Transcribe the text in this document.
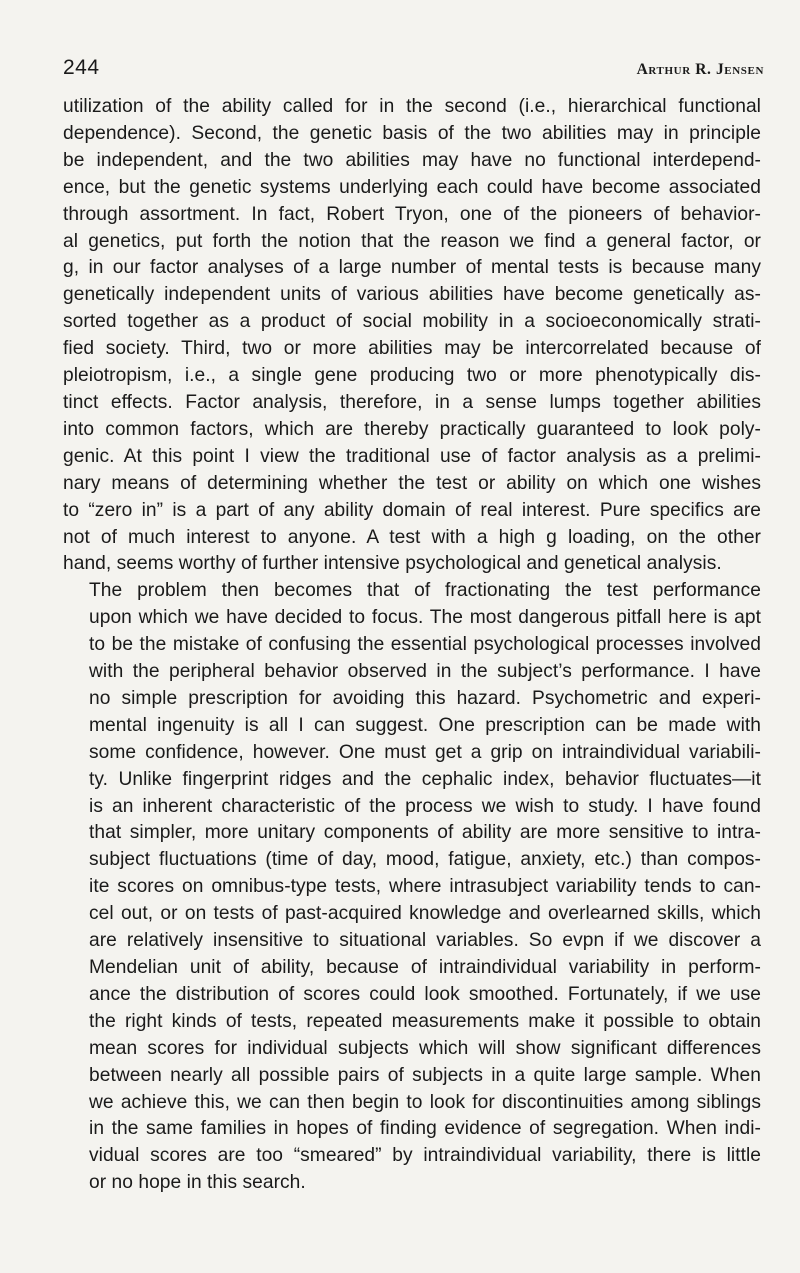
244	Arthur R. Jensen

utilization of the ability called for in the second (i.e., hierarchical functional
dependence). Second, the genetic basis of the two abilities may in principle
be independent, and the two abilities may have no functional interdepend-
ence, but the genetic systems underlying each could have become associated
through assortment. In fact, Robert Tryon, one of the pioneers of behavior-
al genetics, put forth the notion that the reason we find a general factor, or
g, in our factor analyses of a large number of mental tests is because many
genetically independent units of various abilities have become genetically as-
sorted together as a product of social mobility in a socioeconomically strati-
fied society. Third, two or more abilities may be intercorrelated because of
pleiotropism, i.e., a single gene producing two or more phenotypically dis-
tinct effects. Factor analysis, therefore, in a sense lumps together abilities
into common factors, which are thereby practically guaranteed to look poly-
genic. At this point I view the traditional use of factor analysis as a prelimi-
nary means of determining whether the test or ability on which one wishes
to “zero in” is a part of any ability domain of real interest. Pure specifics are
not of much interest to anyone. A test with a high g loading, on the other
hand, seems worthy of further intensive psychological and genetical analysis.

The problem then becomes that of fractionating the test performance
upon which we have decided to focus. The most dangerous pitfall here is apt
to be the mistake of confusing the essential psychological processes involved
with the peripheral behavior observed in the subject’s performance. I have
no simple prescription for avoiding this hazard. Psychometric and experi-
mental ingenuity is all I can suggest. One prescription can be made with
some confidence, however. One must get a grip on intraindividual variabili-
ty. Unlike fingerprint ridges and the cephalic index, behavior fluctuates—it
is an inherent characteristic of the process we wish to study. I have found
that simpler, more unitary components of ability are more sensitive to intra-
subject fluctuations (time of day, mood, fatigue, anxiety, etc.) than compos-
ite scores on omnibus-type tests, where intrasubject variability tends to can-
cel out, or on tests of past-acquired knowledge and overlearned skills, which
are relatively insensitive to situational variables. So evpn if we discover a
Mendelian unit of ability, because of intraindividual variability in perform-
ance the distribution of scores could look smoothed. Fortunately, if we use
the right kinds of tests, repeated measurements make it possible to obtain
mean scores for individual subjects which will show significant differences
between nearly all possible pairs of subjects in a quite large sample. When
we achieve this, we can then begin to look for discontinuities among siblings
in the same families in hopes of finding evidence of segregation. When indi-
vidual scores are too “smeared” by intraindividual variability, there is little
or no hope in this search.
